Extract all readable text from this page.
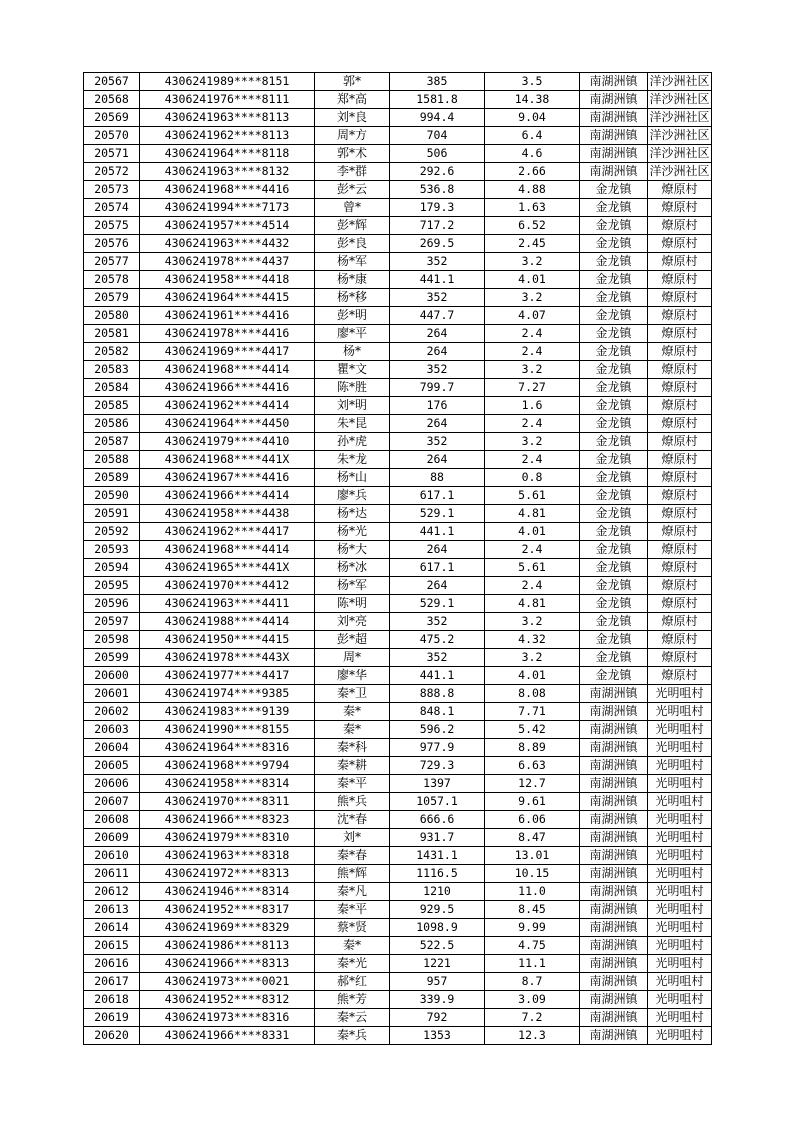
20567	4306241989****8151	郭*	385	3.5	南湖洲镇	洋沙洲社区
20568	4306241976****8111	郑*高	1581.8	14.38	南湖洲镇	洋沙洲社区
20569	4306241963****8113	刘*良	994.4	9.04	南湖洲镇	洋沙洲社区
20570	4306241962****8113	周*方	704	6.4	南湖洲镇	洋沙洲社区
20571	4306241964****8118	郭*术	506	4.6	南湖洲镇	洋沙洲社区
20572	4306241963****8132	李*群	292.6	2.66	南湖洲镇	洋沙洲社区
20573	4306241968****4416	彭*云	536.8	4.88	金龙镇	燎原村
20574	4306241994****7173	曾*	179.3	1.63	金龙镇	燎原村
20575	4306241957****4514	彭*辉	717.2	6.52	金龙镇	燎原村
20576	4306241963****4432	彭*良	269.5	2.45	金龙镇	燎原村
20577	4306241978****4437	杨*军	352	3.2	金龙镇	燎原村
20578	4306241958****4418	杨*康	441.1	4.01	金龙镇	燎原村
20579	4306241964****4415	杨*移	352	3.2	金龙镇	燎原村
20580	4306241961****4416	彭*明	447.7	4.07	金龙镇	燎原村
20581	4306241978****4416	廖*平	264	2.4	金龙镇	燎原村
20582	4306241969****4417	杨*	264	2.4	金龙镇	燎原村
20583	4306241968****4414	瞿*文	352	3.2	金龙镇	燎原村
20584	4306241966****4416	陈*胜	799.7	7.27	金龙镇	燎原村
20585	4306241962****4414	刘*明	176	1.6	金龙镇	燎原村
20586	4306241964****4450	朱*昆	264	2.4	金龙镇	燎原村
20587	4306241979****4410	孙*虎	352	3.2	金龙镇	燎原村
20588	4306241968****441X	朱*龙	264	2.4	金龙镇	燎原村
20589	4306241967****4416	杨*山	88	0.8	金龙镇	燎原村
20590	4306241966****4414	廖*兵	617.1	5.61	金龙镇	燎原村
20591	4306241958****4438	杨*达	529.1	4.81	金龙镇	燎原村
20592	4306241962****4417	杨*光	441.1	4.01	金龙镇	燎原村
20593	4306241968****4414	杨*大	264	2.4	金龙镇	燎原村
20594	4306241965****441X	杨*冰	617.1	5.61	金龙镇	燎原村
20595	4306241970****4412	杨*军	264	2.4	金龙镇	燎原村
20596	4306241963****4411	陈*明	529.1	4.81	金龙镇	燎原村
20597	4306241988****4414	刘*亮	352	3.2	金龙镇	燎原村
20598	4306241950****4415	彭*超	475.2	4.32	金龙镇	燎原村
20599	4306241978****443X	周*	352	3.2	金龙镇	燎原村
20600	4306241977****4417	廖*华	441.1	4.01	金龙镇	燎原村
20601	4306241974****9385	秦*卫	888.8	8.08	南湖洲镇	光明咀村
20602	4306241983****9139	秦*	848.1	7.71	南湖洲镇	光明咀村
20603	4306241990****8155	秦*	596.2	5.42	南湖洲镇	光明咀村
20604	4306241964****8316	秦*科	977.9	8.89	南湖洲镇	光明咀村
20605	4306241968****9794	秦*耕	729.3	6.63	南湖洲镇	光明咀村
20606	4306241958****8314	秦*平	1397	12.7	南湖洲镇	光明咀村
20607	4306241970****8311	熊*兵	1057.1	9.61	南湖洲镇	光明咀村
20608	4306241966****8323	沈*春	666.6	6.06	南湖洲镇	光明咀村
20609	4306241979****8310	刘*	931.7	8.47	南湖洲镇	光明咀村
20610	4306241963****8318	秦*春	1431.1	13.01	南湖洲镇	光明咀村
20611	4306241972****8313	熊*辉	1116.5	10.15	南湖洲镇	光明咀村
20612	4306241946****8314	秦*凡	1210	11.0	南湖洲镇	光明咀村
20613	4306241952****8317	秦*平	929.5	8.45	南湖洲镇	光明咀村
20614	4306241969****8329	蔡*贤	1098.9	9.99	南湖洲镇	光明咀村
20615	4306241986****8113	秦*	522.5	4.75	南湖洲镇	光明咀村
20616	4306241966****8313	秦*光	1221	11.1	南湖洲镇	光明咀村
20617	4306241973****0021	郝*红	957	8.7	南湖洲镇	光明咀村
20618	4306241952****8312	熊*芳	339.9	3.09	南湖洲镇	光明咀村
20619	4306241973****8316	秦*云	792	7.2	南湖洲镇	光明咀村
20620	4306241966****8331	秦*兵	1353	12.3	南湖洲镇	光明咀村
